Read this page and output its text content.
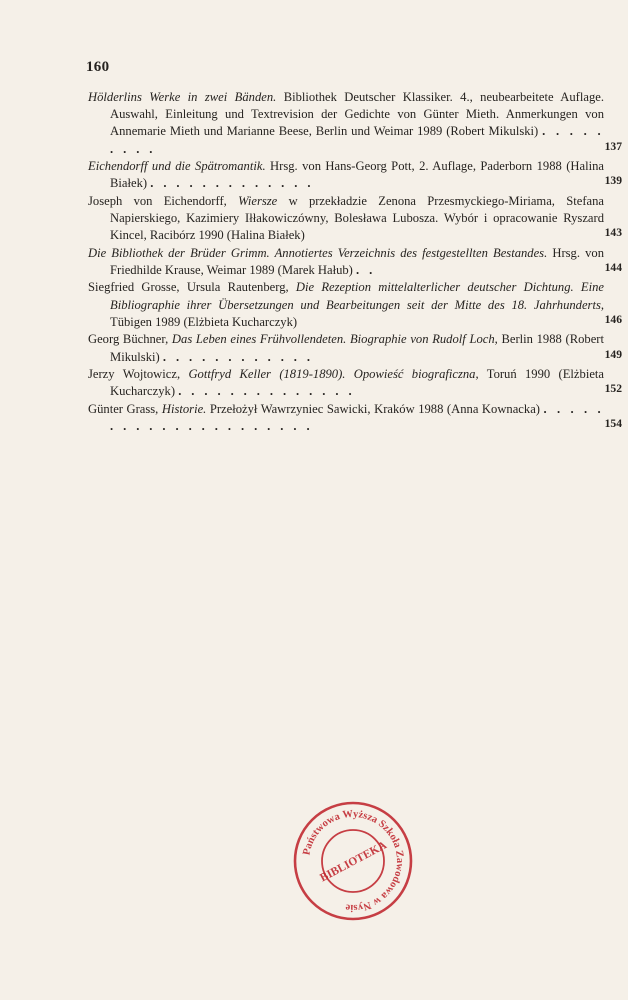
160
Hölderlins Werke in zwei Bänden. Bibliothek Deutscher Klassiker. 4., neubearbeitete Auflage. Auswahl, Einleitung und Textrevision der Gedichte von Günter Mieth. Anmerkungen von Annemarie Mieth und Marianne Beese, Berlin und Weimar 1989 (Robert Mikulski) . . . . . . . . .	137
Eichendorff und die Spätromantik. Hrsg. von Hans-Georg Pott, 2. Auflage, Paderborn 1988 (Halina Białek) . . . . . . . . . . . . .	139
Joseph von Eichendorff, Wiersze w przekładzie Zenona Przesmyckiego-Miriama, Stefana Napierskiego, Kazimiery Iłłakowiczówny, Bolesława Lubosza. Wybór i opracowanie Ryszard Kincel, Racibórz 1990 (Halina Białek)	143
Die Bibliothek der Brüder Grimm. Annotiertes Verzeichnis des festgestellten Bestandes. Hrsg. von Friedhilde Krause, Weimar 1989 (Marek Hałub) . .	144
Siegfried Grosse, Ursula Rautenberg, Die Rezeption mittelalterlicher deutscher Dichtung. Eine Bibliographie ihrer Übersetzungen und Bearbeitungen seit der Mitte des 18. Jahrhunderts, Tübigen 1989 (Elżbieta Kucharczyk)	146
Georg Büchner, Das Leben eines Frühvollendeten. Biographie von Rudolf Loch, Berlin 1988 (Robert Mikulski) . . . . . . . . . . . .	149
Jerzy Wojtowicz, Gottfryd Keller (1819-1890). Opowieść biograficzna, Toruń 1990 (Elżbieta Kucharczyk) . . . . . . . . . . . . . .	152
Günter Grass, Historie. Przełożył Wawrzyniec Sawicki, Kraków 1988 (Anna Kownacka) . . . . . . . . . . . . . . . . . . . . .	154
Państwowa Wyższa Szkoła Zawodowa w Nysie
BIBLIOTEKA
